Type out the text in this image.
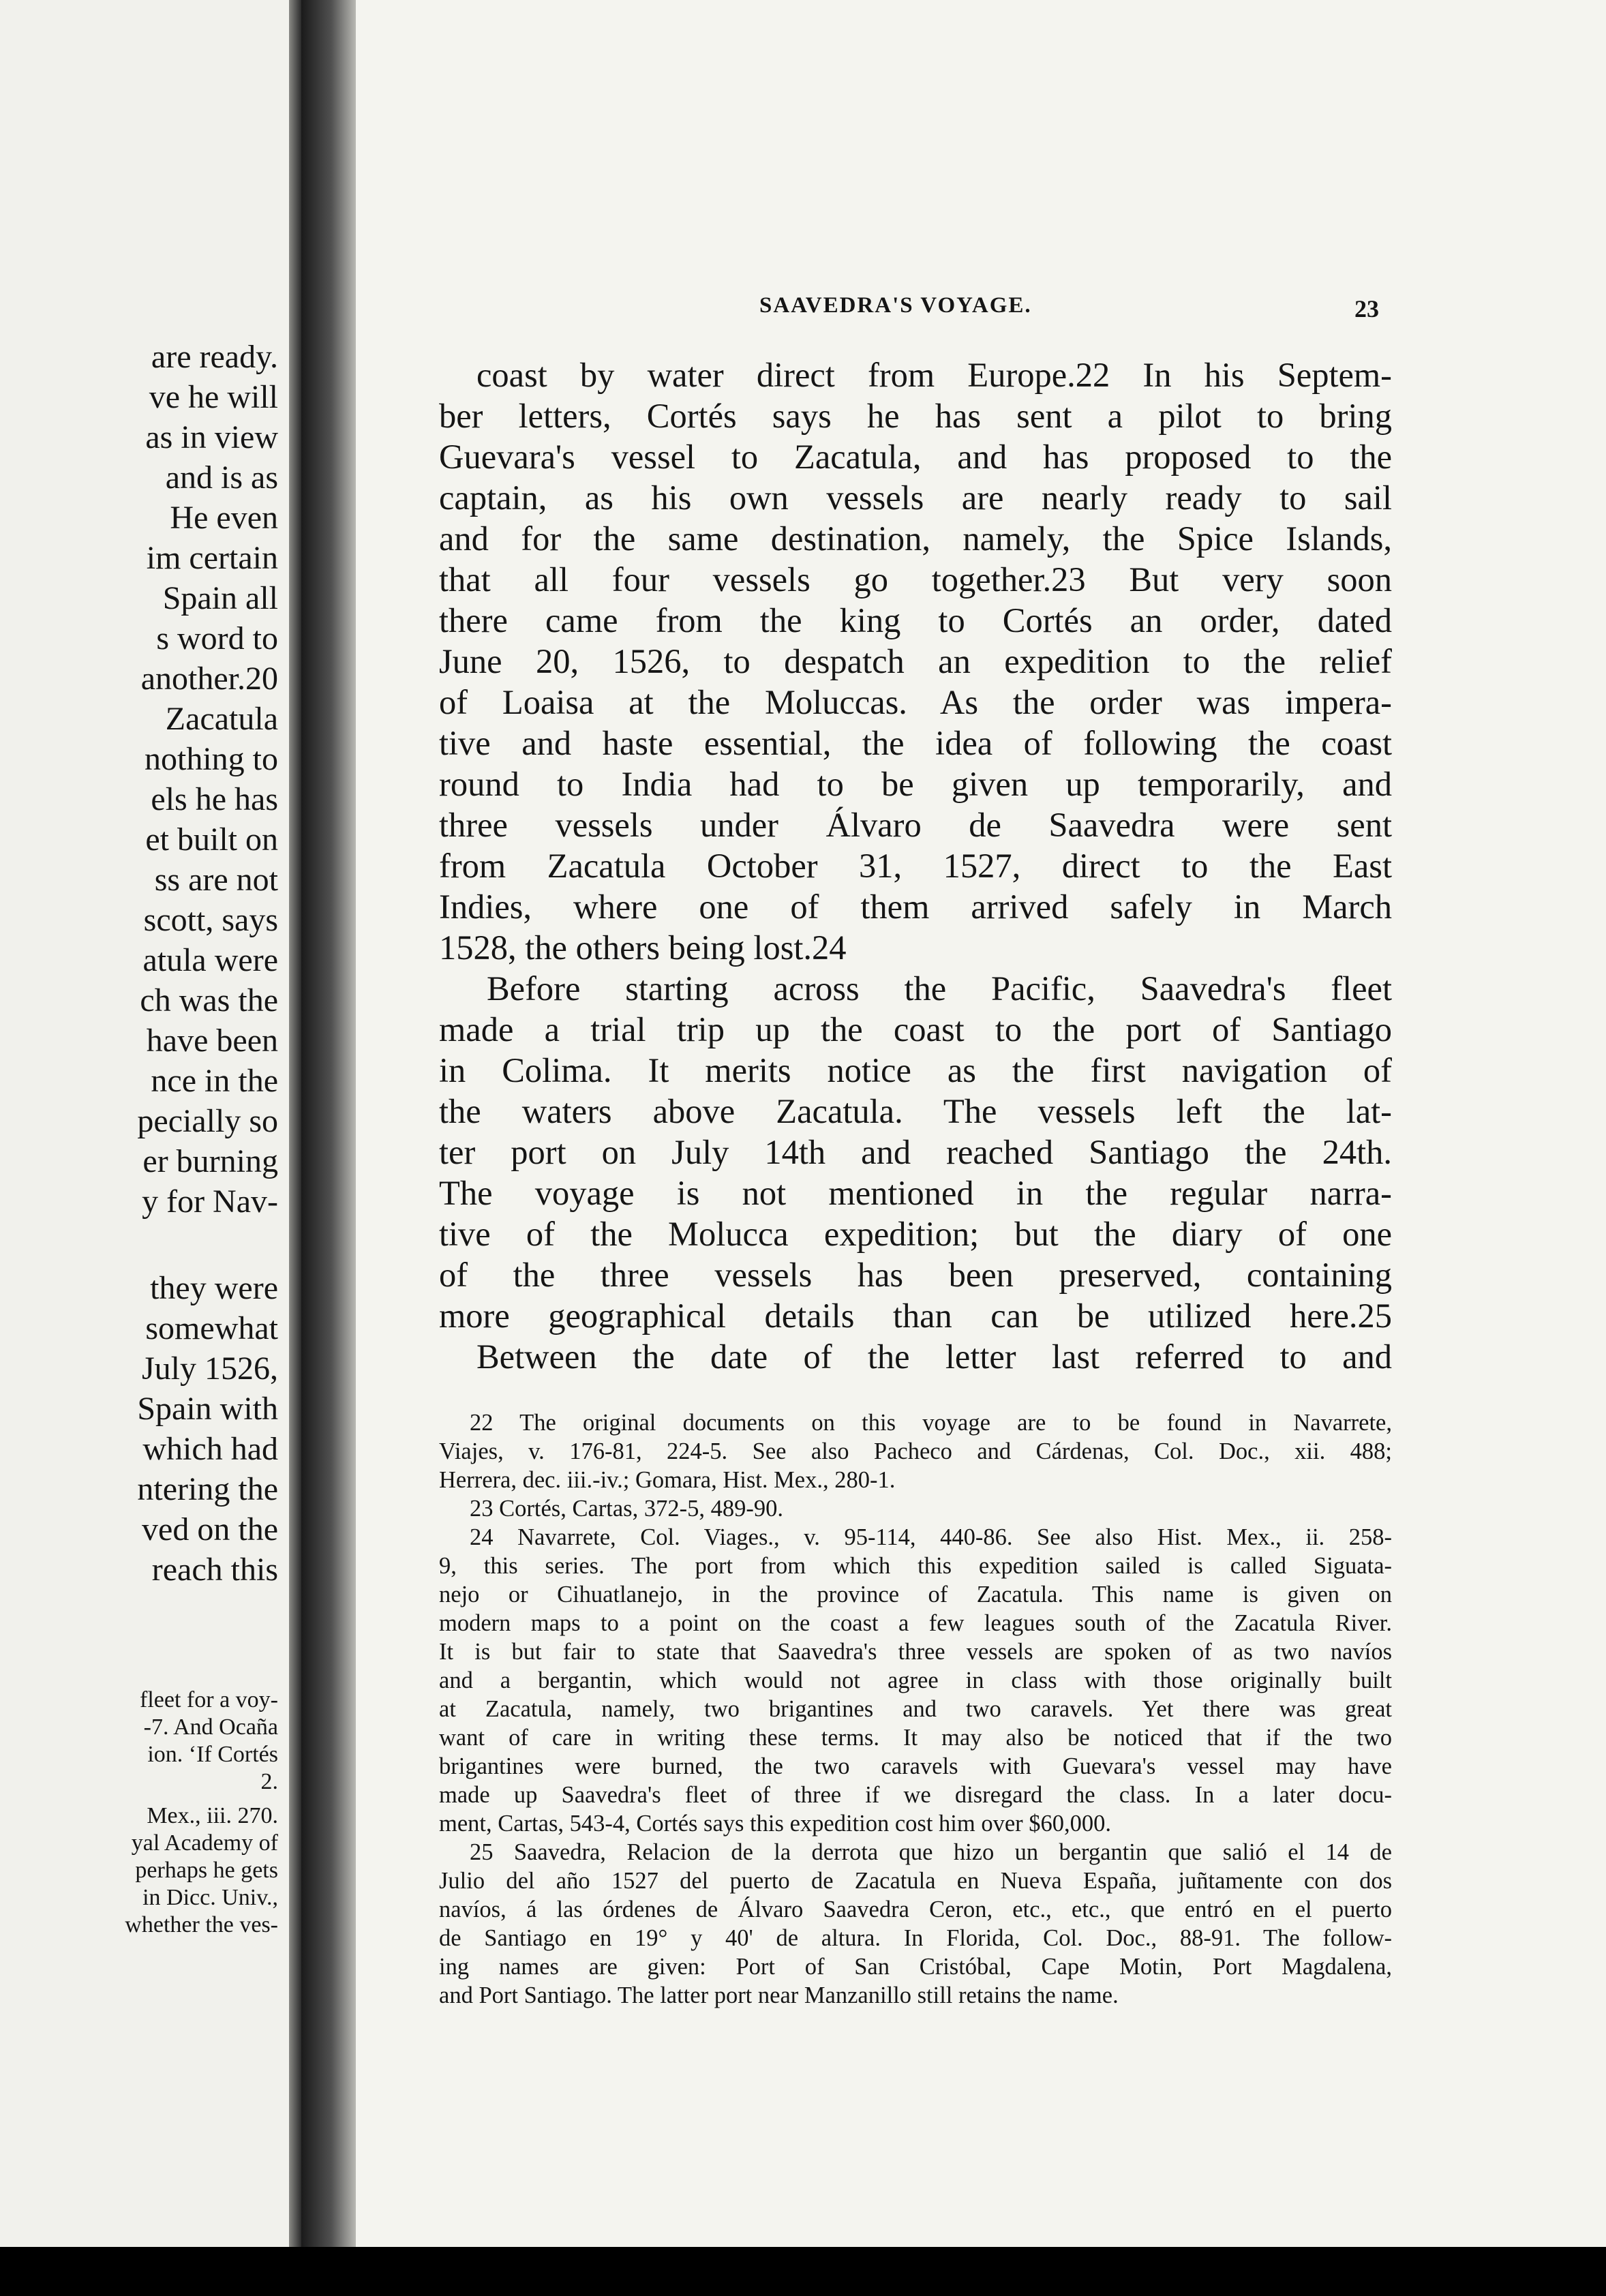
are ready.
ve he will
as in view
and is as
He even
im certain
Spain all
s word to
another.20
Zacatula
nothing to
els he has
et built on
ss are not
scott, says
atula were
ch was the
have been
nce in the
pecially so
er burning
y for Nav-
they were
somewhat
July 1526,
Spain with
which had
ntering the
ved on the
reach this
fleet for a voy-
-7. And Ocaña
ion. ‘If Cortés
2.
Mex., iii. 270.
yal Academy of
perhaps he gets
in Dicc. Univ.,
whether the ves-
SAAVEDRA'S VOYAGE.	23
coast by water direct from Europe.22 In his Septem-
ber letters, Cortés says he has sent a pilot to bring
Guevara's vessel to Zacatula, and has proposed to the
captain, as his own vessels are nearly ready to sail
and for the same destination, namely, the Spice Islands,
that all four vessels go together.23 But very soon
there came from the king to Cortés an order, dated
June 20, 1526, to despatch an expedition to the relief
of Loaisa at the Moluccas. As the order was impera-
tive and haste essential, the idea of following the coast
round to India had to be given up temporarily, and
three vessels under Álvaro de Saavedra were sent
from Zacatula October 31, 1527, direct to the East
Indies, where one of them arrived safely in March
1528, the others being lost.24
Before starting across the Pacific, Saavedra's fleet
made a trial trip up the coast to the port of Santiago
in Colima. It merits notice as the first navigation of
the waters above Zacatula. The vessels left the lat-
ter port on July 14th and reached Santiago the 24th.
The voyage is not mentioned in the regular narra-
tive of the Molucca expedition; but the diary of one
of the three vessels has been preserved, containing
more geographical details than can be utilized here.25
Between the date of the letter last referred to and
22 The original documents on this voyage are to be found in Navarrete,
Viajes, v. 176-81, 224-5. See also Pacheco and Cárdenas, Col. Doc., xii. 488;
Herrera, dec. iii.-iv.; Gomara, Hist. Mex., 280-1.
23 Cortés, Cartas, 372-5, 489-90.
24 Navarrete, Col. Viages., v. 95-114, 440-86. See also Hist. Mex., ii. 258-
9, this series. The port from which this expedition sailed is called Siguata-
nejo or Cihuatlanejo, in the province of Zacatula. This name is given on
modern maps to a point on the coast a few leagues south of the Zacatula River.
It is but fair to state that Saavedra's three vessels are spoken of as two navíos
and a bergantin, which would not agree in class with those originally built
at Zacatula, namely, two brigantines and two caravels. Yet there was great
want of care in writing these terms. It may also be noticed that if the two
brigantines were burned, the two caravels with Guevara's vessel may have
made up Saavedra's fleet of three if we disregard the class. In a later docu-
ment, Cartas, 543-4, Cortés says this expedition cost him over $60,000.
25 Saavedra, Relacion de la derrota que hizo un bergantin que salió el 14 de
Julio del año 1527 del puerto de Zacatula en Nueva España, juñtamente con dos
navíos, á las órdenes de Álvaro Saavedra Ceron, etc., etc., que entró en el puerto
de Santiago en 19° y 40' de altura. In Florida, Col. Doc., 88-91. The follow-
ing names are given: Port of San Cristóbal, Cape Motin, Port Magdalena,
and Port Santiago. The latter port near Manzanillo still retains the name.
